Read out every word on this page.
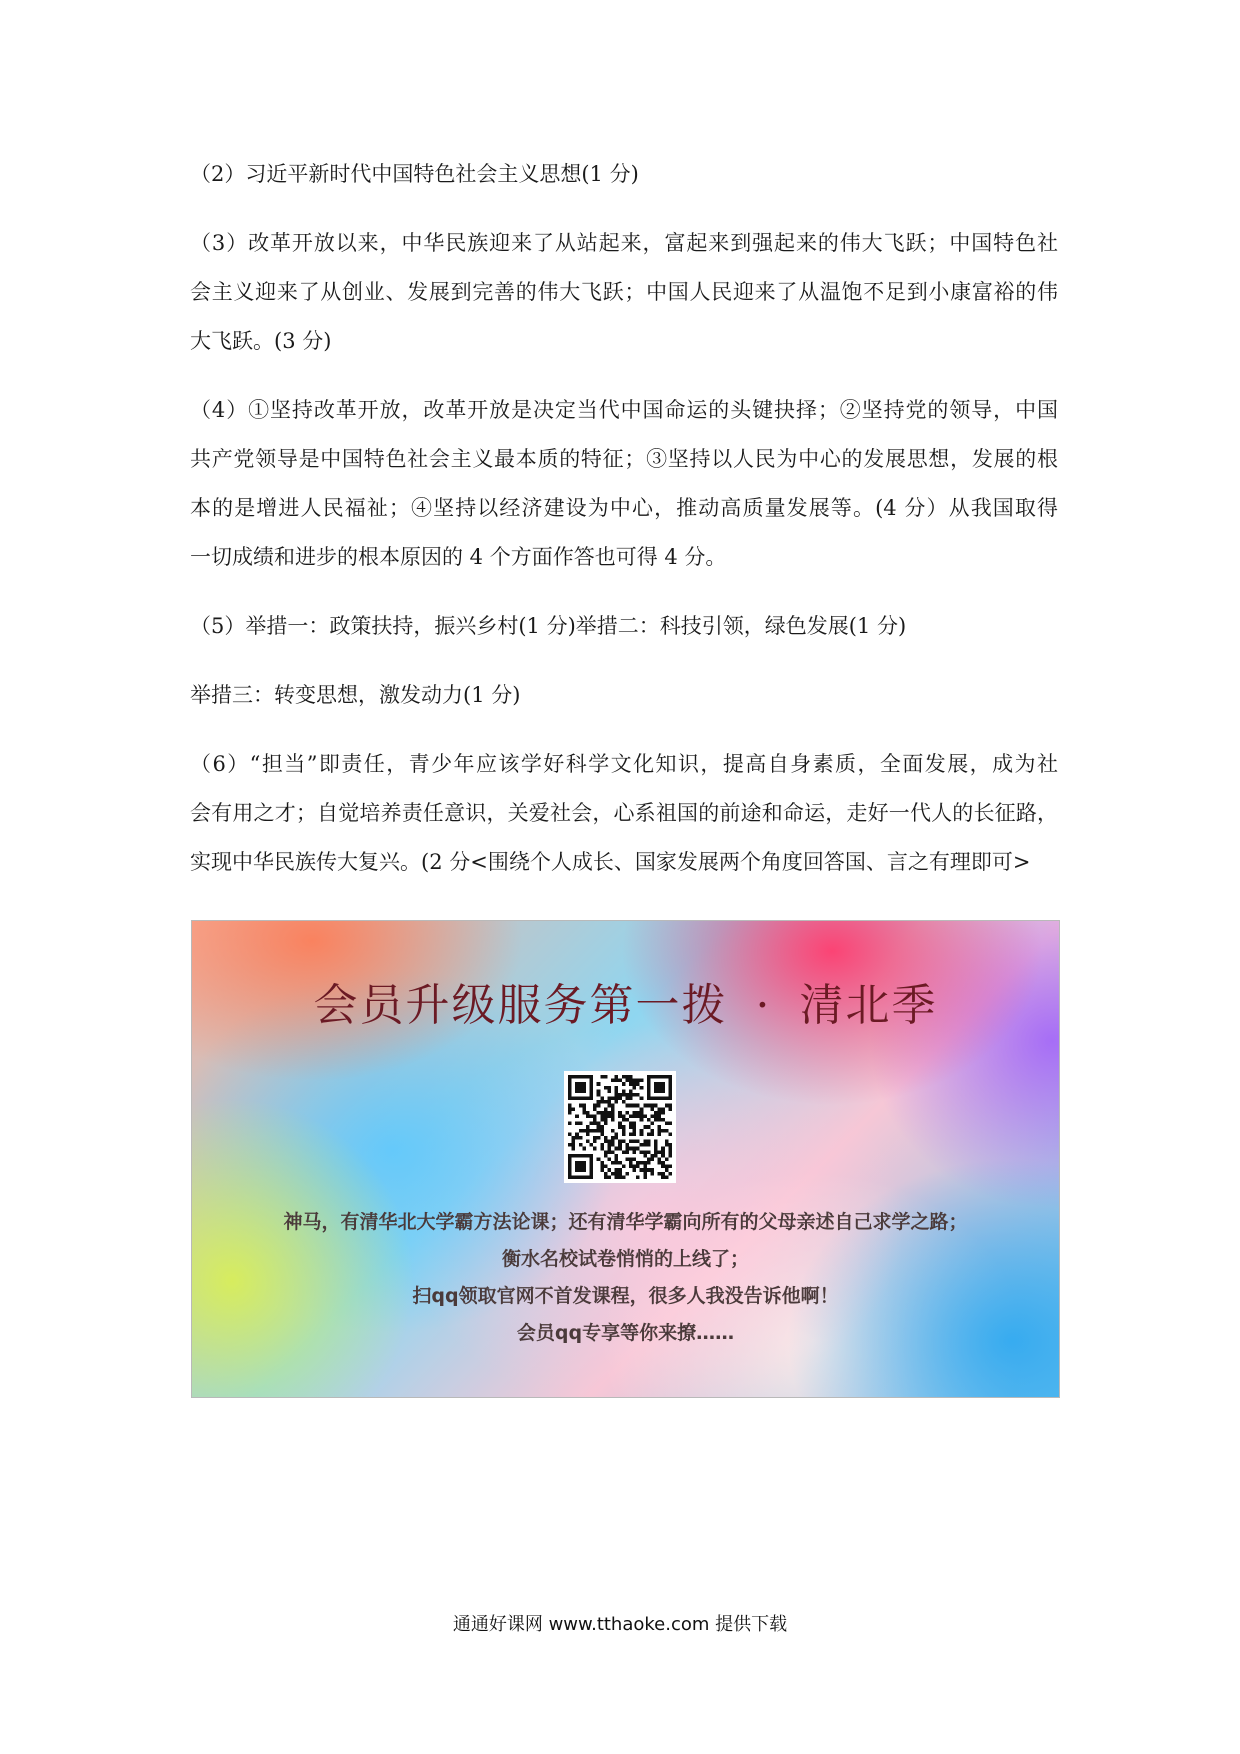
（2）习近平新时代中国特色社会主义思想(1 分)
（3）改革开放以来，中华民族迎来了从站起来，富起来到强起来的伟大飞跃；中国特色社
会主义迎来了从创业、发展到完善的伟大飞跃；中国人民迎来了从温饱不足到小康富裕的伟
大飞跃。(3 分)
（4）①坚持改革开放，改革开放是决定当代中国命运的头键抉择；②坚持党的领导，中国
共产党领导是中国特色社会主义最本质的特征；③坚持以人民为中心的发展思想，发展的根
本的是增进人民福祉；④坚持以经济建设为中心，推动高质量发展等。(4 分）从我国取得
一切成绩和进步的根本原因的 4 个方面作答也可得 4 分。
（5）举措一：政策扶持，振兴乡村(1 分)举措二：科技引领，绿色发展(1 分)
举措三：转变思想，激发动力(1 分)
（6）“担当”即责任，青少年应该学好科学文化知识，提高自身素质，全面发展，成为社
会有用之才；自觉培养责任意识，关爱社会，心系祖国的前途和命运，走好一代人的长征路，
实现中华民族传大复兴。(2 分<围绕个人成长、国家发展两个角度回答国、言之有理即可>
会员升级服务第一拨 · 清北季
神马，有清华北大学霸方法论课；还有清华学霸向所有的父母亲述自己求学之路；
衡水名校试卷悄悄的上线了；
扫qq领取官网不首发课程，很多人我没告诉他啊！
会员qq专享等你来撩……
通通好课网 www.tthaoke.com 提供下载
